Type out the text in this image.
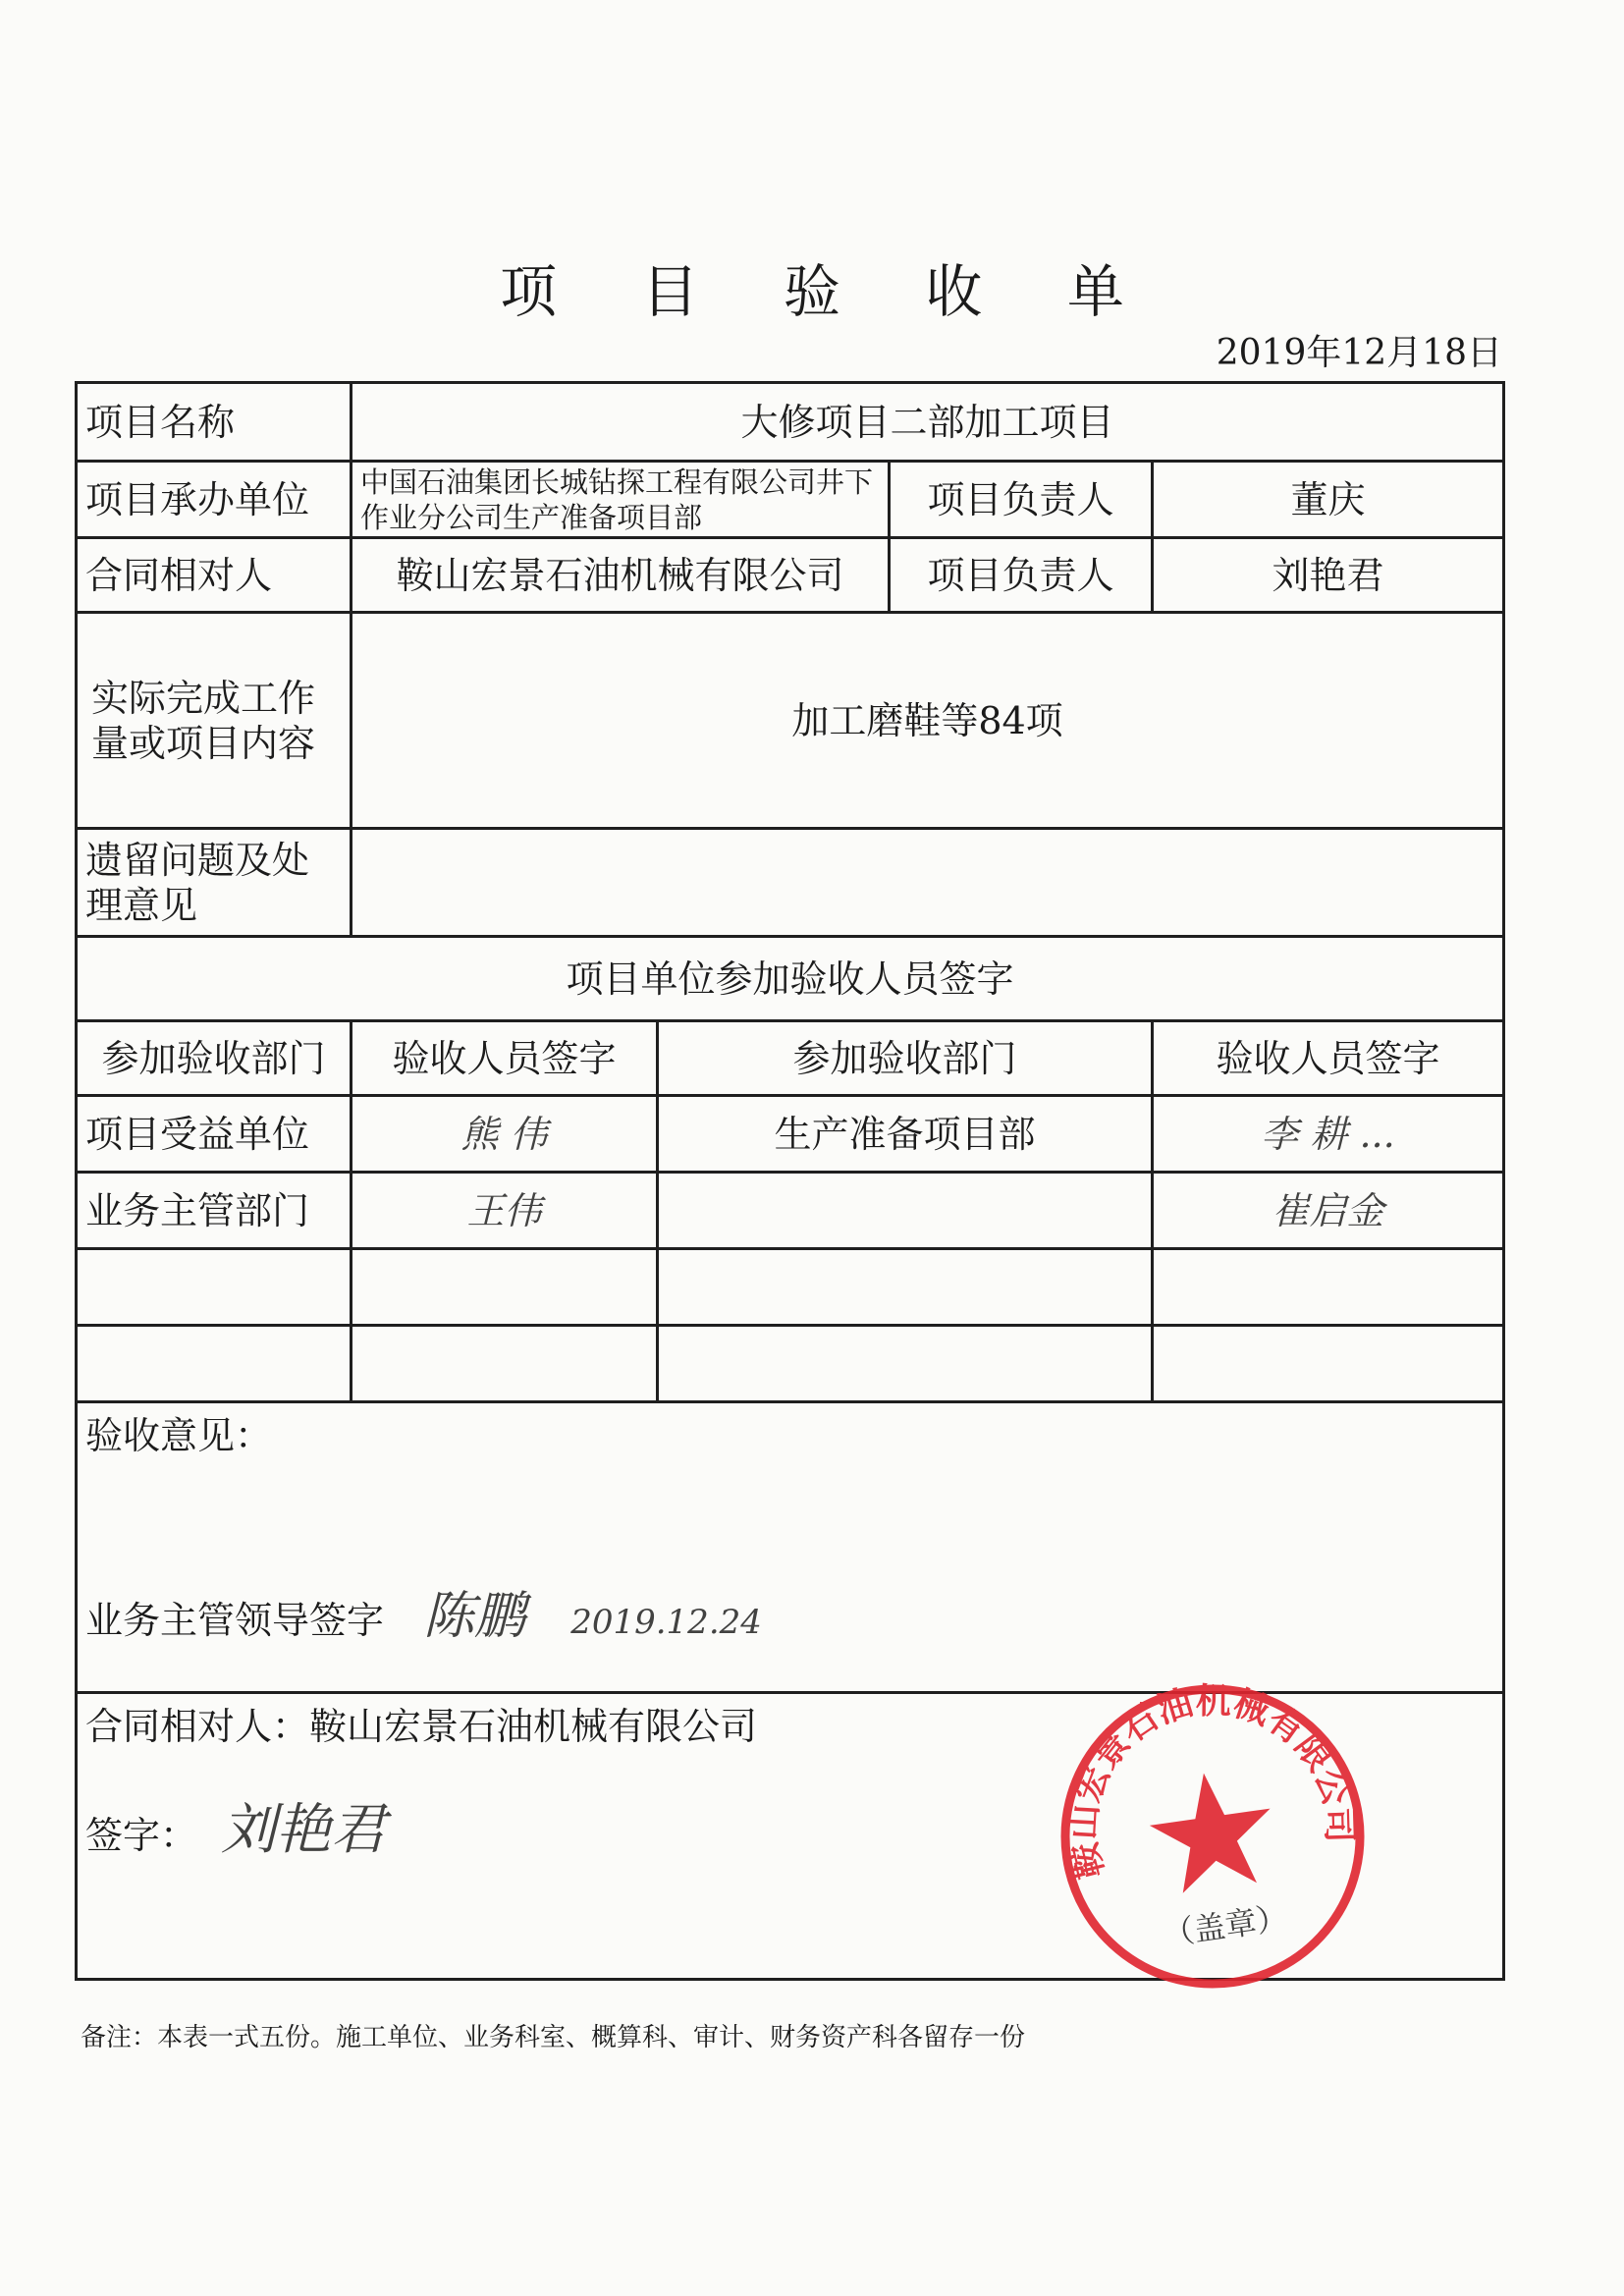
项 目 验 收 单
2019年12月18日
项目名称	大修项目二部加工项目			
项目承办单位	中国石油集团长城钻探工程有限公司井下作业分公司生产准备项目部		项目负责人	董庆
合同相对人	鞍山宏景石油机械有限公司		项目负责人	刘艳君
实际完成工作量或项目内容	加工磨鞋等84项			
遗留问题及处理意见				
项目单位参加验收人员签字				
参加验收部门	验收人员签字	参加验收部门		验收人员签字
项目受益单位	熊 伟	生产准备项目部		李 耕 ...
业务主管部门	王伟			崔启金

验收意见：
业务主管领导签字 陈鹏 2019.12.24				

合同相对人：鞍山宏景石油机械有限公司
签字： 刘艳君					鞍山宏景石油机械有限公司
（盖章）
备注：本表一式五份。施工单位、业务科室、概算科、审计、财务资产科各留存一份
